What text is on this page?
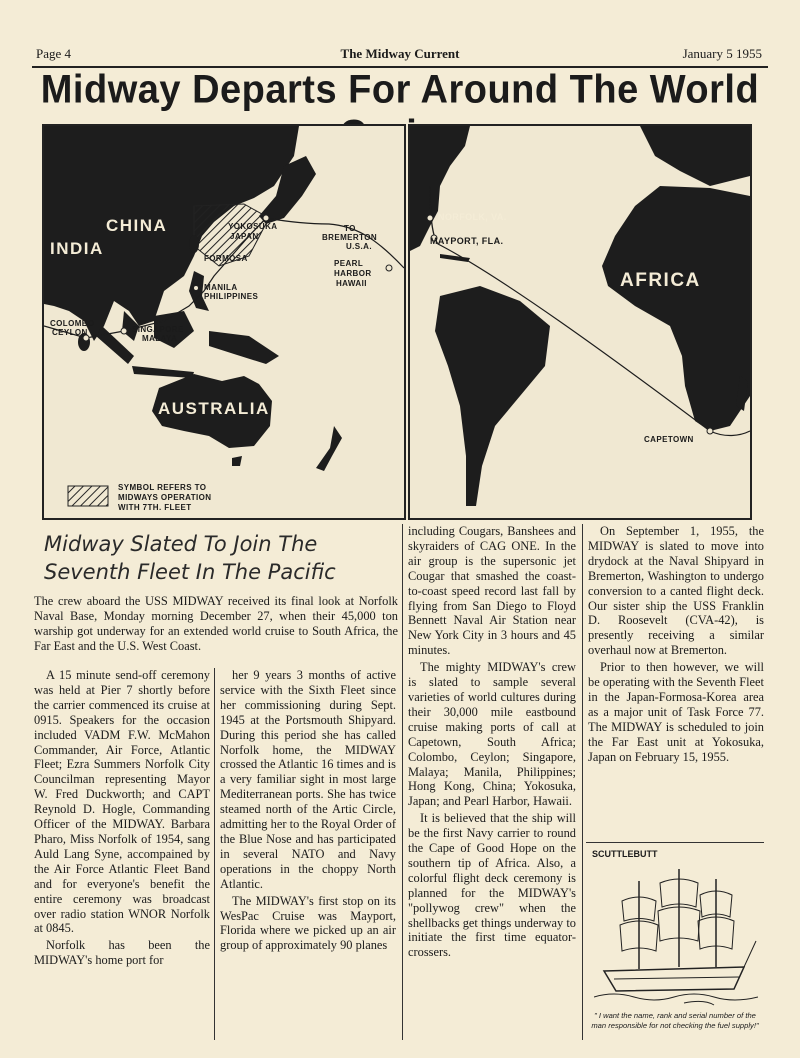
Page 4	The Midway Current	January 5 1955
Midway Departs For Around The World
CHINA
INDIA
YOKOSUKA
JAPAN
FORMOSA
MANILA
PHILIPPINES
SINGAPORE
MALAYA
COLOMBO
CEYLON
TO
BREMERTON
U.S.A.
PEARL
HARBOR
HAWAII
AUSTRALIA
SYMBOL REFERS TO
MIDWAYS OPERATION
WITH 7TH. FLEET
NORFOLK, VA.
MAYPORT, FLA.
AFRICA
CAPETOWN
Midway Slated To Join The
Seventh Fleet In The Pacific

The crew aboard the USS MIDWAY received its final look at Norfolk Naval Base, Monday morning December 27, when their 45,000 ton warship got underway for an extended world cruise to South Africa, the Far East and the U.S. West Coast.

A 15 minute send-off ceremony was held at Pier 7 shortly before the carrier commenced its cruise at 0915. Speakers for the occasion included VADM F.W. McMahon Commander, Air Force, Atlantic Fleet; Ezra Summers Norfolk City Councilman representing Mayor W. Fred Duckworth; and CAPT Reynold D. Hogle, Commanding Officer of the MIDWAY. Barbara Pharo, Miss Norfolk of 1954, sang Auld Lang Syne, accompained by the Air Force Atlantic Fleet Band and for everyone's benefit the entire ceremony was broadcast over radio station WNOR Norfolk at 0845.

Norfolk has been the MIDWAY's home port for

her 9 years 3 months of active service with the Sixth Fleet since her commissioning during Sept. 1945 at the Portsmouth Shipyard. During this period she has called Norfolk home, the MIDWAY crossed the Atlantic 16 times and is a very familiar sight in most large Mediterranean ports. She has twice steamed north of the Artic Circle, admitting her to the Royal Order of the Blue Nose and has participated in several NATO and Navy operations in the choppy North Atlantic.

The MIDWAY's first stop on its WesPac Cruise was Mayport, Florida where we picked up an air group of approximately 90 planes

including Cougars, Banshees and skyraiders of CAG ONE. In the air group is the supersonic jet Cougar that smashed the coast-to-coast speed record last fall by flying from San Diego to Floyd Bennett Naval Air Station near New York City in 3 hours and 45 minutes.

The mighty MIDWAY's crew is slated to sample several varieties of world cultures during their 30,000 mile eastbound cruise making ports of call at Capetown, South Africa; Colombo, Ceylon; Singapore, Malaya; Manila, Philippines; Hong Kong, China; Yokosuka, Japan; and Pearl Harbor, Hawaii.

It is believed that the ship will be the first Navy carrier to round the Cape of Good Hope on the southern tip of Africa. Also, a colorful flight deck ceremony is planned for the MIDWAY's "pollywog crew" when the shellbacks get things underway to initiate the first time equator-crossers.

On September 1, 1955, the MIDWAY is slated to move into drydock at the Naval Shipyard in Bremerton, Washington to undergo conversion to a canted flight deck. Our sister ship the USS Franklin D. Roosevelt (CVA-42), is presently receiving a similar overhaul now at Bremerton.

Prior to then however, we will be operating with the Seventh Fleet in the Japan-Formosa-Korea area as a major unit of Task Force 77. The MIDWAY is scheduled to join the Far East unit at Yokosuka, Japan on February 15, 1955.

SCUTTLEBUTT
" I want the name, rank and serial number of the man responsible for not checking the fuel supply!"
